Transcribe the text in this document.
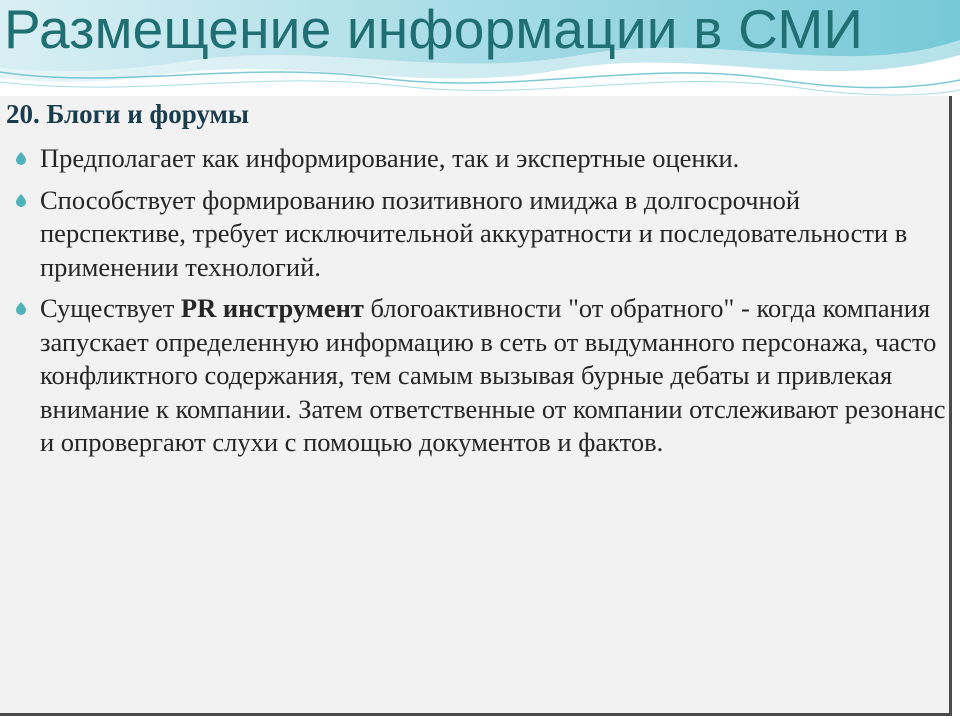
Размещение информации в СМИ
20. Блоги и форумы
Предполагает как информирование, так и экспертные оценки.
Способствует формированию позитивного имиджа в долгосрочной перспективе, требует исключительной аккуратности и последовательности в применении технологий.
Существует PR инструмент блогоактивности "от обратного" - когда компания запускает определенную информацию в сеть от выдуманного персонажа, часто конфликтного содержания, тем самым вызывая бурные дебаты и привлекая внимание к компании. Затем ответственные от компании отслеживают резонанс и опровергают слухи с помощью документов и фактов.
